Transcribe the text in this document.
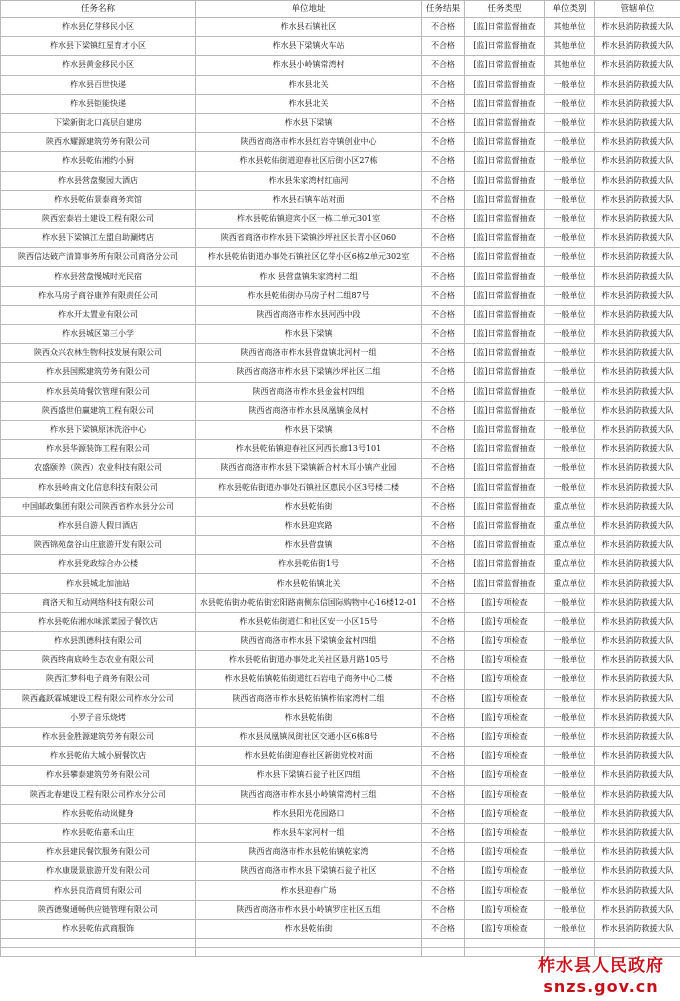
任务名称	单位地址	任务结果	任务类型	单位类别	管辖单位
柞水县亿芽移民小区	柞水县石镇社区	不合格	[监]日常监督抽查	其他单位	柞水县消防救援大队
柞水县下梁镇红星育才小区	柞水县下梁镇火车站	不合格	[监]日常监督抽查	其他单位	柞水县消防救援大队
柞水县黄金移民小区	柞水县小岭镇常湾村	不合格	[监]日常监督抽查	其他单位	柞水县消防救援大队
柞水县百世快递	柞水县北关	不合格	[监]日常监督抽查	一般单位	柞水县消防救援大队
柞水县钜能快递	柞水县北关	不合格	[监]日常监督抽查	一般单位	柞水县消防救援大队
下梁新街北口高层自建房	柞水县下梁镇	不合格	[监]日常监督抽查	一般单位	柞水县消防救援大队
陕西水耀源建筑劳务有限公司	陕西省商洛市柞水县红岩寺镇创业中心	不合格	[监]日常监督抽查	一般单位	柞水县消防救援大队
柞水县乾佑湘约小厨	柞水县乾佑街道迎春社区后街小区27栋	不合格	[监]日常监督抽查	一般单位	柞水县消防救援大队
柞水县营盘聚园大酒店	柞水县朱家湾村红庙河	不合格	[监]日常监督抽查	一般单位	柞水县消防救援大队
柞水县乾佑景泰商务宾馆	柞水县石镇车站对面	不合格	[监]日常监督抽查	一般单位	柞水县消防救援大队
陕西宏泰岩土建设工程有限公司	柞水县乾佑镇迎宾小区一栋二单元301室	不合格	[监]日常监督抽查	一般单位	柞水县消防救援大队
柞水县下梁镇江左盟自助涮烤店	陕西省商洛市柞水县下梁镇沙坪社区长青小区060	不合格	[监]日常监督抽查	一般单位	柞水县消防救援大队
陕西信达破产清算事务所有限公司商洛分公司	柞水县乾佑街道办事处石镇社区亿芽小区6栋2单元302室	不合格	[监]日常监督抽查	一般单位	柞水县消防救援大队
柞水县营盘慢城时光民宿	柞水 县营盘镇朱家湾村二组	不合格	[监]日常监督抽查	一般单位	柞水县消防救援大队
柞水马房子商谷康养有限责任公司	柞水县乾佑街办马房子村二组87号	不合格	[监]日常监督抽查	一般单位	柞水县消防救援大队
柞水开太置业有限公司	陕西省商洛市柞水县河西中段	不合格	[监]日常监督抽查	一般单位	柞水县消防救援大队
柞水县城区第三小学	柞水县下梁镇	不合格	[监]日常监督抽查	一般单位	柞水县消防救援大队
陕西众兴农林生物科技发展有限公司	陕西省商洛市柞水县营盘镇北河村一组	不合格	[监]日常监督抽查	一般单位	柞水县消防救援大队
柞水县国熙建筑劳务有限公司	陕西省商洛市柞水县下梁镇沙坪社区二组	不合格	[监]日常监督抽查	一般单位	柞水县消防救援大队
柞水县英琦餐饮管理有限公司	陕西省商洛市柞水县金盆村四组	不合格	[监]日常监督抽查	一般单位	柞水县消防救援大队
陕西盛世伯赢建筑工程有限公司	陕西省商洛市柞水县凤凰镇金凤村	不合格	[监]日常监督抽查	一般单位	柞水县消防救援大队
柞水县下梁镇原沐洗浴中心	柞水县下梁镇	不合格	[监]日常监督抽查	一般单位	柞水县消防救援大队
柞水县华源装饰工程有限公司	柞水县乾佑镇迎春社区河西长廊13号101	不合格	[监]日常监督抽查	一般单位	柞水县消防救援大队
农盛颐养（陕西）农业科技有限公司	陕西省商洛市柞水县下梁镇新合村木耳小镇产业园	不合格	[监]日常监督抽查	一般单位	柞水县消防救援大队
柞水县岭南文化信息科技有限公司	柞水县乾佑街道办事处石镇社区惠民小区3号楼二楼	不合格	[监]日常监督抽查	一般单位	柞水县消防救援大队
中国邮政集团有限公司陕西省柞水县分公司	柞水县乾佑街	不合格	[监]日常监督抽查	重点单位	柞水县消防救援大队
柞水县自游人假日酒店	柞水县迎宾路	不合格	[监]日常监督抽查	重点单位	柞水县消防救援大队
陕西锦苑盘谷山庄旅游开发有限公司	柞水县营盘镇	不合格	[监]日常监督抽查	重点单位	柞水县消防救援大队
柞水县党政综合办公楼	柞水县乾佑街1号	不合格	[监]日常监督抽查	重点单位	柞水县消防救援大队
柞水县城北加油站	柞水县乾佑镇北关	不合格	[监]日常监督抽查	重点单位	柞水县消防救援大队
商洛天和互动网络科技有限公司	水县乾佑街办乾佑街宏阳路南侧东信国际购物中心16楼12-01	不合格	[监]专项检查	一般单位	柞水县消防救援大队
柞水县乾佑湘水味派菜园子餐饮店	柞水县乾佑街道仁和社区安一小区15号	不合格	[监]专项检查	一般单位	柞水县消防救援大队
柞水县凯德科技有限公司	陕西省商洛市柞水县下梁镇金盆村四组	不合格	[监]专项检查	一般单位	柞水县消防救援大队
陕西终南底岭生态农业有限公司	柞水县乾佑街道办事处北关社区悬月路105号	不合格	[监]专项检查	一般单位	柞水县消防救援大队
陕西汇梦科电子商务有限公司	柞水县乾佑镇乾佑街道红石岩电子商务中心二楼	不合格	[监]专项检查	一般单位	柞水县消防救援大队
陕西鑫跃霖城建设工程有限公司柞水分公司	陕西省商洛市柞水县乾佑镇柞佑家湾村二组	不合格	[监]专项检查	一般单位	柞水县消防救援大队
小罗子音乐烧烤	柞水县乾佑街	不合格	[监]专项检查	一般单位	柞水县消防救援大队
柞水县金胜源建筑劳务有限公司	柞水县凤凰镇凤街社区交通小区6栋8号	不合格	[监]专项检查	一般单位	柞水县消防救援大队
柞水县乾佑大城小厨餐饮店	柞水县乾佑街迎春社区新街党校对面	不合格	[监]专项检查	一般单位	柞水县消防救援大队
柞水县攀泰建筑劳务有限公司	柞水县下梁镇石瓮子社区四组	不合格	[监]专项检查	一般单位	柞水县消防救援大队
陕西北春建设工程有限公司柞水分公司	陕西省商洛市柞水县小岭镇常湾村三组	不合格	[监]专项检查	一般单位	柞水县消防救援大队
柞水县乾佑动岚健身	柞水县阳光花园路口	不合格	[监]专项检查	一般单位	柞水县消防救援大队
柞水县乾佑嘉禾山庄	柞水县车家河村一组	不合格	[监]专项检查	一般单位	柞水县消防救援大队
柞水县建民餐饮服务有限公司	陕西省商洛市柞水县乾佑镇乾家湾	不合格	[监]专项检查	一般单位	柞水县消防救援大队
柞水康晟景旅游开发有限公司	陕西省商洛市柞水县下梁镇石瓮子社区	不合格	[监]专项检查	一般单位	柞水县消防救援大队
柞水县良浩商贸有限公司	柞水县迎春广场	不合格	[监]专项检查	一般单位	柞水县消防救援大队
陕西德聚通畅供应链管理有限公司	陕西省商洛市柞水县小岭镇罗庄社区五组	不合格	[监]专项检查	一般单位	柞水县消防救援大队
柞水县乾佑武商服饰	柞水县乾佑街	不合格	[监]专项检查	一般单位	柞水县消防救援大队

柞水县人民政府
snzs.gov.cn
